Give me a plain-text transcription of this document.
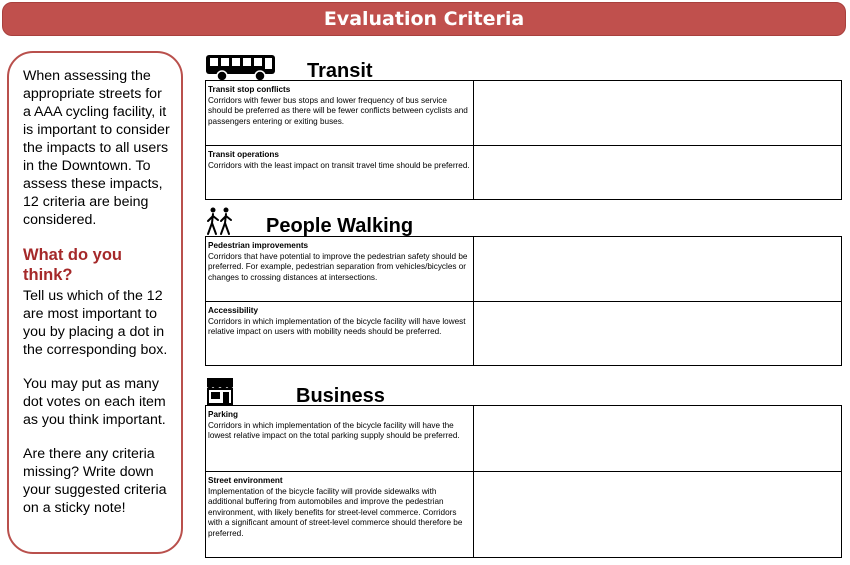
Evaluation Criteria

When assessing the appropriate streets for a AAA cycling facility, it is important to consider the impacts to all users in the Downtown. To assess these impacts, 12 criteria are being considered.

What do you think?

Tell us which of the 12 are most important to you by placing a dot in the corresponding box.

You may put as many dot votes on each item as you think important.

Are there any criteria missing? Write down your suggested criteria on a sticky note!

Transit
Transit stop conflicts
Corridors with fewer bus stops and lower frequency of bus service should be preferred as there will be fewer conflicts between cyclists and passengers entering or exiting buses.
Transit operations
Corridors with the least impact on transit travel time should be preferred.
People Walking
Pedestrian improvements
Corridors that have potential to improve the pedestrian safety should be preferred. For example, pedestrian separation from vehicles/bicycles or changes to crossing distances at intersections.
Accessibility
Corridors in which implementation of the bicycle facility will have lowest relative impact on users with mobility needs should be preferred.
Business
Parking
Corridors in which implementation of the bicycle facility will have the lowest relative impact on the total parking supply should be preferred.
Street environment
Implementation of the bicycle facility will provide sidewalks with additional buffering from automobiles and improve the pedestrian environment, with likely benefits for street-level commerce. Corridors with a significant amount of street-level commerce should therefore be preferred.
